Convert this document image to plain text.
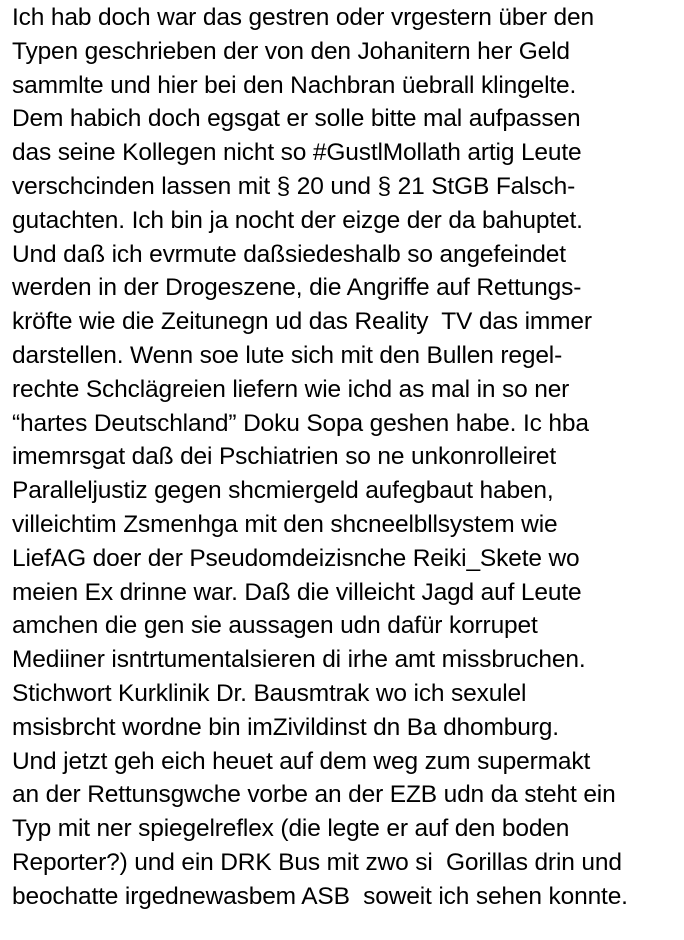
Ich hab doch war das gestren oder vrgestern über den

Typen geschrieben der von den Johanitern her Geld

sammlte und hier bei den Nachbran üebrall klingelte.

Dem habich doch egsgat er solle bitte mal aufpassen

das seine Kollegen nicht so #GustlMollath artig Leute

verschcinden lassen mit § 20 und § 21 StGB Falsch-

gutachten. Ich bin ja nocht der eizge der da bahuptet.

Und daß ich evrmute daßsiedeshalb so angefeindet

werden in der Drogeszene, die Angriffe auf Rettungs-

kröfte wie die Zeitunegn ud das Reality  TV das immer

darstellen. Wenn soe lute sich mit den Bullen regel-

rechte Schclägreien liefern wie ichd as mal in so ner

“hartes Deutschland” Doku Sopa geshen habe. Ic hba

imemrsgat daß dei Pschiatrien so ne unkonrolleiret

Paralleljustiz gegen shcmiergeld aufegbaut haben,

villeichtim Zsmenhga mit den shcneelbllsystem wie

LiefAG doer der Pseudomdeizisnche Reiki_Skete wo

meien Ex drinne war. Daß die villeicht Jagd auf Leute

amchen die gen sie aussagen udn dafür korrupet

Mediiner isntrtumentalsieren di irhe amt missbruchen.

Stichwort Kurklinik Dr. Bausmtrak wo ich sexulel

msisbrcht wordne bin imZivildinst dn Ba dhomburg.

Und jetzt geh eich heuet auf dem weg zum supermakt

an der Rettunsgwche vorbe an der EZB udn da steht ein

Typ mit ner spiegelreflex (die legte er auf den boden

Reporter?) und ein DRK Bus mit zwo si  Gorillas drin und

beochatte irgednewasbem ASB  soweit ich sehen konnte.
